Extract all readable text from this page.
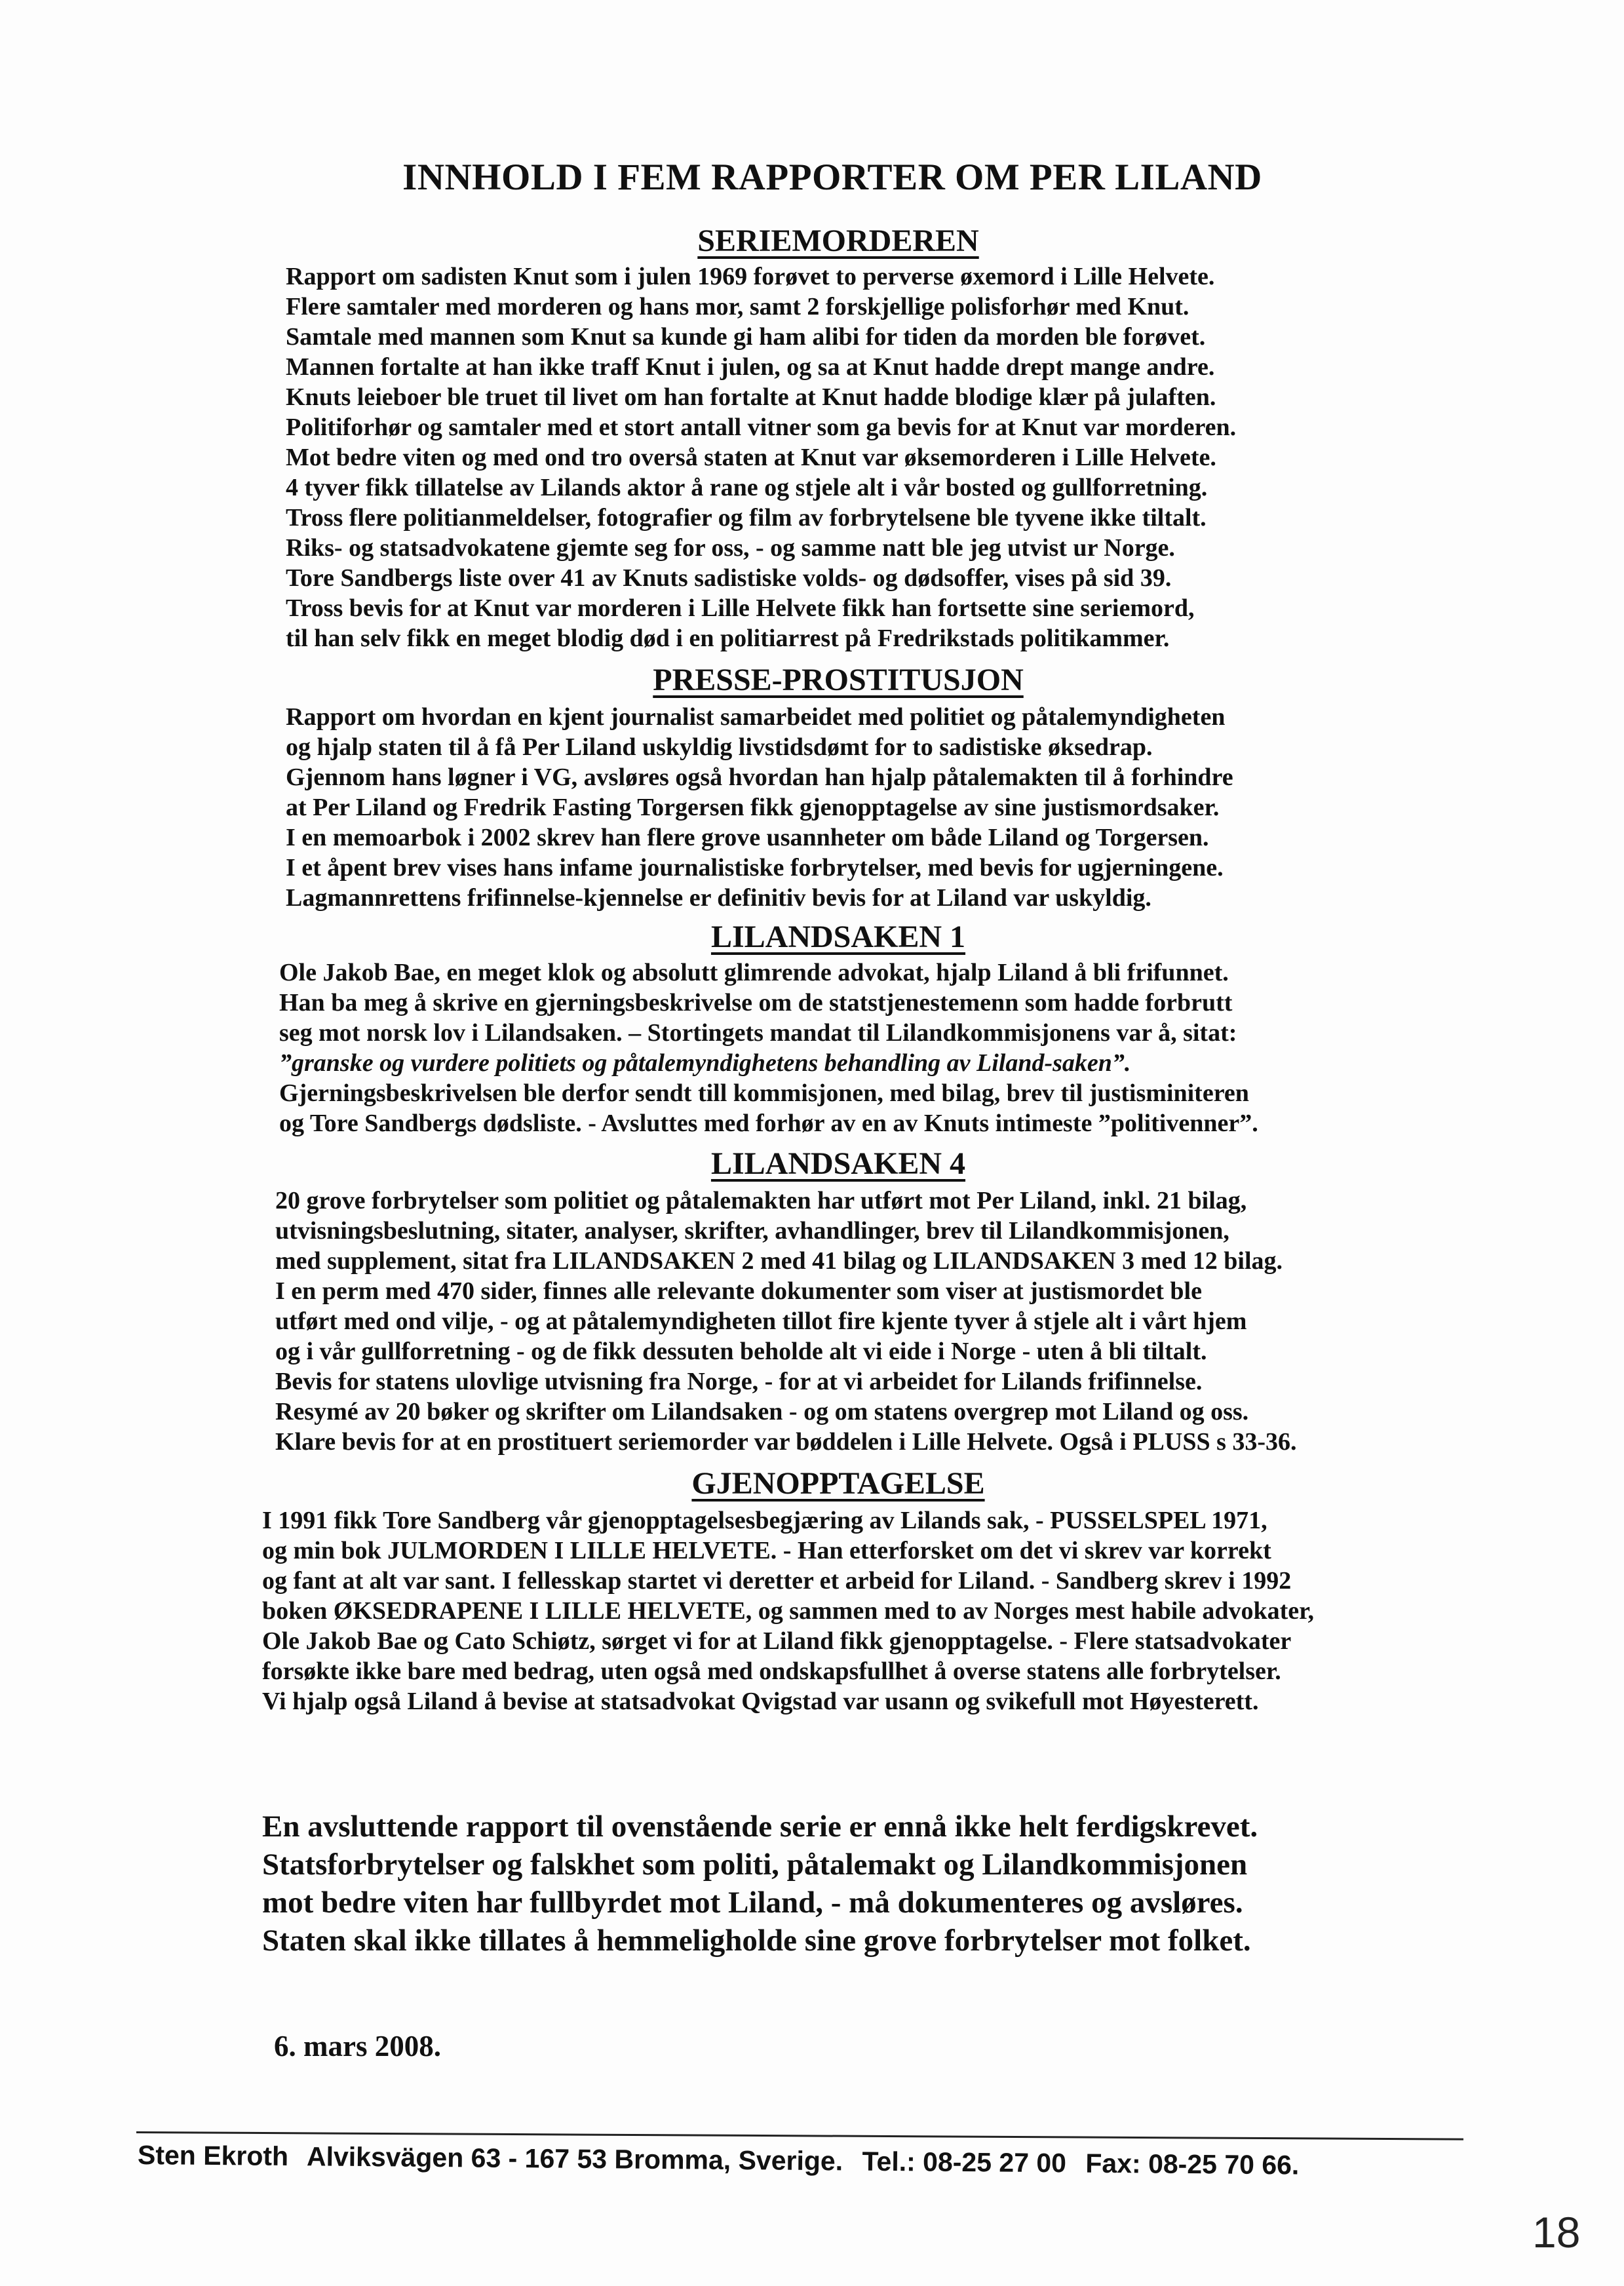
INNHOLD I FEM RAPPORTER OM PER LILAND
SERIEMORDEREN
Rapport om sadisten Knut som i julen 1969 forøvet to perverse øxemord i Lille Helvete.
Flere samtaler med morderen og hans mor, samt 2 forskjellige polisforhør med Knut.
Samtale med mannen som Knut sa kunde gi ham alibi for tiden da morden ble forøvet.
Mannen fortalte at han ikke traff Knut i julen, og sa at Knut hadde drept mange andre.
Knuts leieboer ble truet til livet om han fortalte at Knut hadde blodige klær på julaften.
Politiforhør og samtaler med et stort antall vitner som ga bevis for at Knut var morderen.
Mot bedre viten og med ond tro overså staten at Knut var øksemorderen i Lille Helvete.
4 tyver fikk tillatelse av Lilands aktor å rane og stjele alt i vår bosted og gullforretning.
Tross flere politianmeldelser, fotografier og film av forbrytelsene ble tyvene ikke tiltalt.
Riks- og statsadvokatene gjemte seg for oss, - og samme natt ble jeg utvist ur Norge.
Tore Sandbergs liste over 41 av Knuts sadistiske volds- og dødsoffer, vises på sid 39.
Tross bevis for at Knut var morderen i Lille Helvete fikk han fortsette sine seriemord,
til han selv fikk en meget blodig død i en politiarrest på Fredrikstads politikammer.
PRESSE-PROSTITUSJON
Rapport om hvordan en kjent journalist samarbeidet med politiet og påtalemyndigheten
og hjalp staten til å få Per Liland uskyldig livstidsdømt for to sadistiske øksedrap.
Gjennom hans løgner i VG, avsløres også hvordan han hjalp påtalemakten til å forhindre
at Per Liland og Fredrik Fasting Torgersen fikk gjenopptagelse av sine justismordsaker.
I en memoarbok i 2002 skrev han flere grove usannheter om både Liland og Torgersen.
I et åpent brev vises hans infame journalistiske forbrytelser, med bevis for ugjerningene.
Lagmannrettens frifinnelse-kjennelse er definitiv bevis for at Liland var uskyldig.
LILANDSAKEN 1
Ole Jakob Bae, en meget klok og absolutt glimrende advokat, hjalp Liland å bli frifunnet.
Han ba meg å skrive en gjerningsbeskrivelse om de statstjenestemenn som hadde forbrutt
seg mot norsk lov i Lilandsaken. – Stortingets mandat til Lilandkommisjonens var å, sitat:
”granske og vurdere politiets og påtalemyndighetens behandling av Liland-saken”.
Gjerningsbeskrivelsen ble derfor sendt till kommisjonen, med bilag, brev til justisminiteren
og Tore Sandbergs dødsliste. - Avsluttes med forhør av en av Knuts intimeste ”politivenner”.
LILANDSAKEN 4
20 grove forbrytelser som politiet og påtalemakten har utført mot Per Liland, inkl. 21 bilag,
utvisningsbeslutning, sitater, analyser, skrifter, avhandlinger, brev til Lilandkommisjonen,
med supplement, sitat fra LILANDSAKEN 2 med 41 bilag og LILANDSAKEN 3 med 12 bilag.
I en perm med 470 sider, finnes alle relevante dokumenter som viser at justismordet ble
utført med ond vilje, - og at påtalemyndigheten tillot fire kjente tyver å stjele alt i vårt hjem
og i vår gullforretning - og de fikk dessuten beholde alt vi eide i Norge - uten å bli tiltalt.
Bevis for statens ulovlige utvisning fra Norge, - for at vi arbeidet for Lilands frifinnelse.
Resymé av 20 bøker og skrifter om Lilandsaken - og om statens overgrep mot Liland og oss.
Klare bevis for at en prostituert seriemorder var bøddelen i Lille Helvete. Også i PLUSS s 33-36.
GJENOPPTAGELSE
I 1991 fikk Tore Sandberg vår gjenopptagelsesbegjæring av Lilands sak, - PUSSELSPEL 1971,
og min bok JULMORDEN I LILLE HELVETE. - Han etterforsket om det vi skrev var korrekt
og fant at alt var sant. I fellesskap startet vi deretter et arbeid for Liland. - Sandberg skrev i 1992
boken ØKSEDRAPENE I LILLE HELVETE, og sammen med to av Norges mest habile advokater,
Ole Jakob Bae og Cato Schiøtz, sørget vi for at Liland fikk gjenopptagelse. - Flere statsadvokater
forsøkte ikke bare med bedrag, uten også med ondskapsfullhet å overse statens alle forbrytelser.
Vi hjalp også Liland å bevise at statsadvokat Qvigstad var usann og svikefull mot Høyesterett.
En avsluttende rapport til ovenstående serie er ennå ikke helt ferdigskrevet.
Statsforbrytelser og falskhet som politi, påtalemakt og Lilandkommisjonen
mot bedre viten har fullbyrdet mot Liland, - må dokumenteres og avsløres.
Staten skal ikke tillates å hemmeligholde sine grove forbrytelser mot folket.
6. mars 2008.
Sten Ekroth Alviksvägen 63 - 167 53 Bromma, Sverige. Tel.: 08-25 27 00 Fax: 08-25 70 66.
18
